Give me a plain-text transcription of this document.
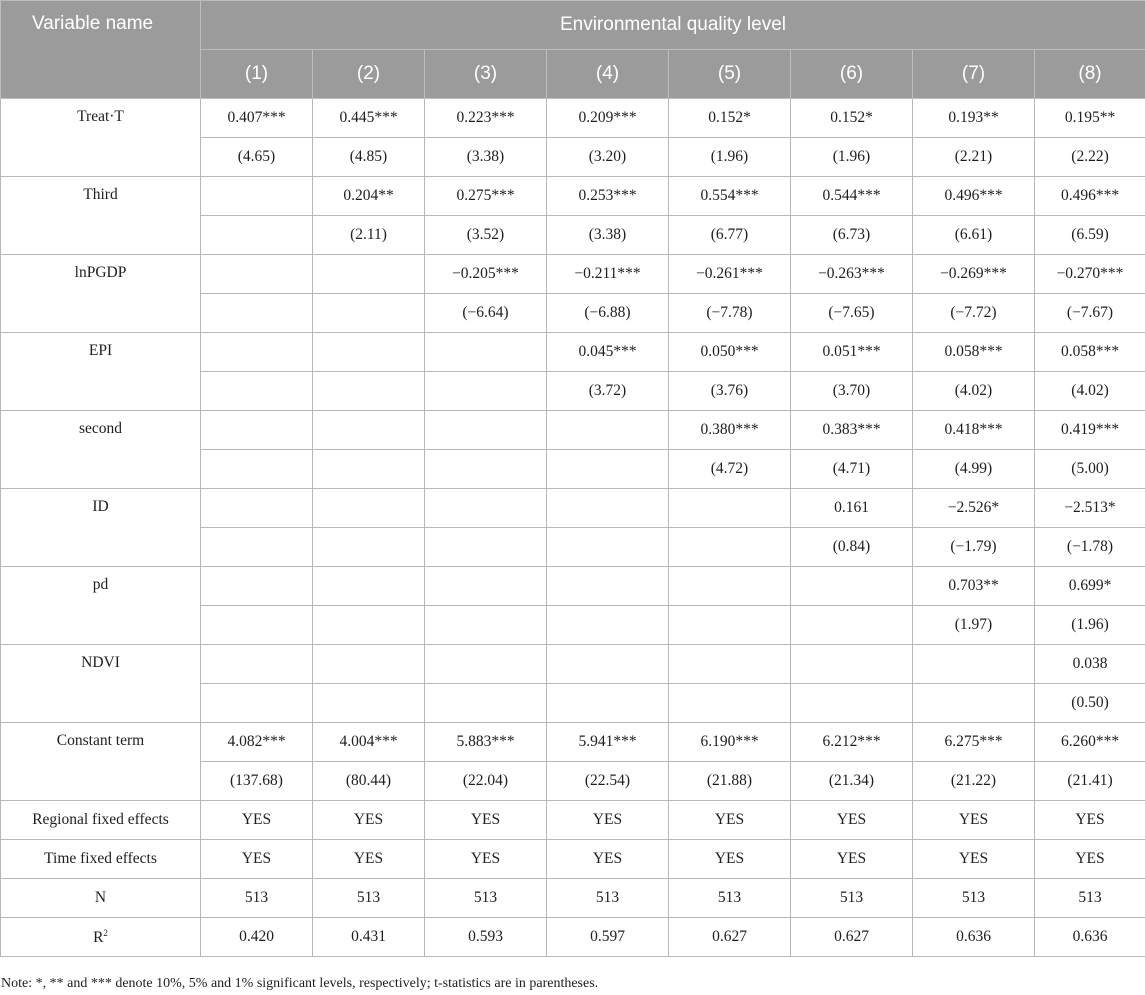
Variable name	Environmental quality level							
	(1)	(2)	(3)	(4)	(5)	(6)	(7)	(8)
Treat·T	0.407***	0.445***	0.223***	0.209***	0.152*	0.152*	0.193**	0.195**
	(4.65)	(4.85)	(3.38)	(3.20)	(1.96)	(1.96)	(2.21)	(2.22)
Third		0.204**	0.275***	0.253***	0.554***	0.544***	0.496***	0.496***
		(2.11)	(3.52)	(3.38)	(6.77)	(6.73)	(6.61)	(6.59)
lnPGDP			−0.205***	−0.211***	−0.261***	−0.263***	−0.269***	−0.270***
			(−6.64)	(−6.88)	(−7.78)	(−7.65)	(−7.72)	(−7.67)
EPI				0.045***	0.050***	0.051***	0.058***	0.058***
				(3.72)	(3.76)	(3.70)	(4.02)	(4.02)
second					0.380***	0.383***	0.418***	0.419***
					(4.72)	(4.71)	(4.99)	(5.00)
ID						0.161	−2.526*	−2.513*
						(0.84)	(−1.79)	(−1.78)
pd							0.703**	0.699*
							(1.97)	(1.96)
NDVI								0.038
								(0.50)
Constant term	4.082***	4.004***	5.883***	5.941***	6.190***	6.212***	6.275***	6.260***
	(137.68)	(80.44)	(22.04)	(22.54)	(21.88)	(21.34)	(21.22)	(21.41)
Regional fixed effects	YES	YES	YES	YES	YES	YES	YES	YES
Time fixed effects	YES	YES	YES	YES	YES	YES	YES	YES
N	513	513	513	513	513	513	513	513
$R^2$	0.420	0.431	0.593	0.597	0.627	0.627	0.636	0.636
Note: *, ** and *** denote 10%, 5% and 1% significant levels, respectively; t-statistics are in parentheses.
